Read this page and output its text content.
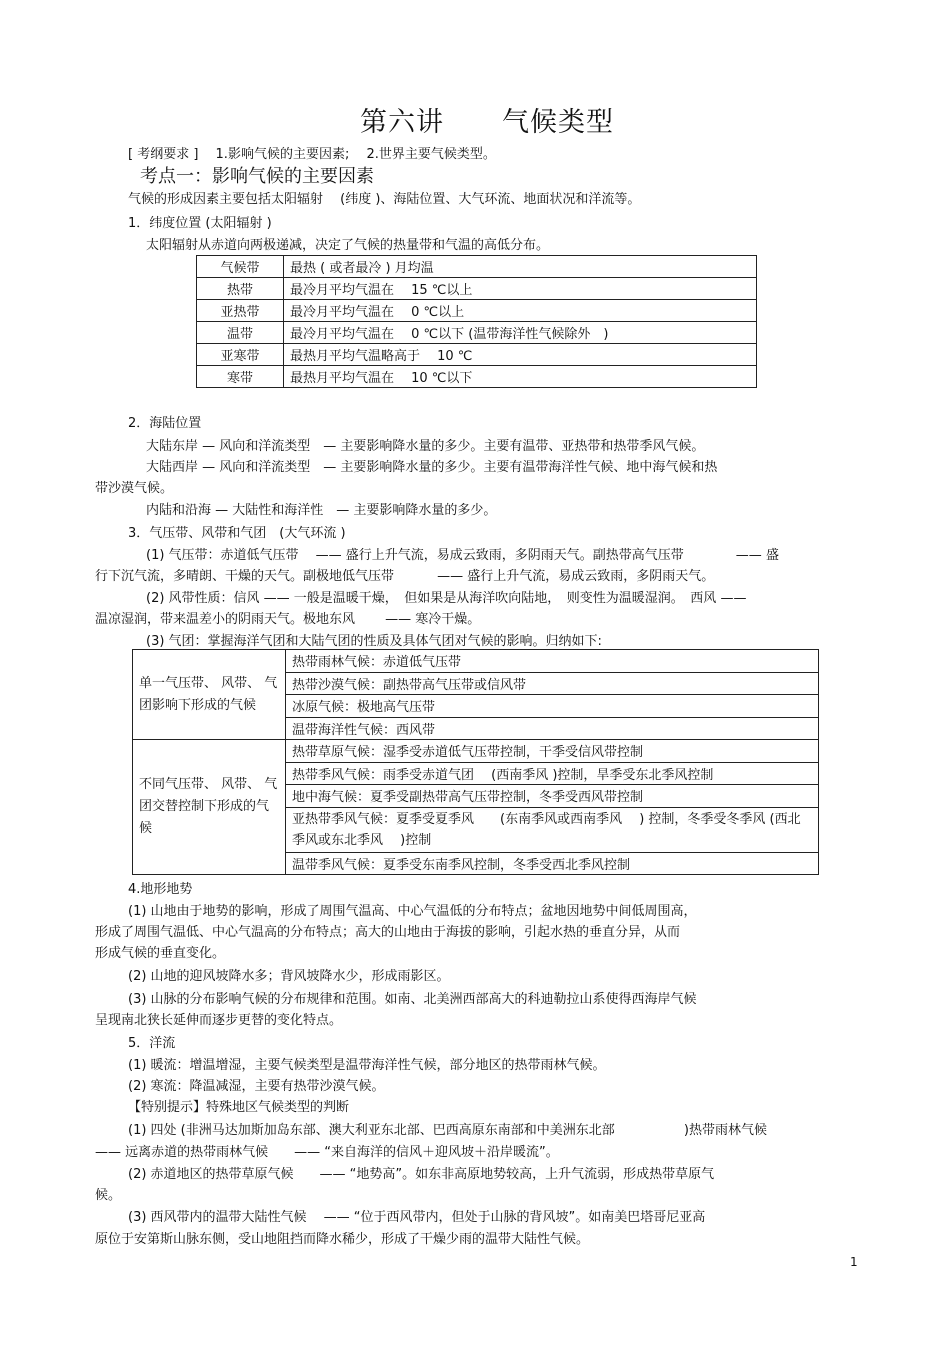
第六讲 气候类型
[ 考纲要求 ]　 1.影响气候的主要因素;　 2.世界主要气候类型。
考点一：影响气候的主要因素
气候的形成因素主要包括太阳辐射　 (纬度 )、海陆位置、大气环流、地面状况和洋流等。
1．纬度位置 (太阳辐射 )
太阳辐射从赤道向两极递减，决定了气候的热量带和气温的高低分布。
气候带	最热 ( 或者最冷 ) 月均温
热带	最冷月平均气温在　 15 ℃以上
亚热带	最冷月平均气温在　 0 ℃以上
温带	最冷月平均气温在　 0 ℃以下 (温带海洋性气候除外　)
亚寒带	最热月平均气温略高于　 10 ℃
寒带	最热月平均气温在　 10 ℃以下
2．海陆位置
大陆东岸 — 风向和洋流类型　— 主要影响降水量的多少。主要有温带、亚热带和热带季风气候。
大陆西岸 — 风向和洋流类型　— 主要影响降水量的多少。主要有温带海洋性气候、地中海气候和热
带沙漠气候。
内陆和沿海 — 大陆性和海洋性　— 主要影响降水量的多少。
3．气压带、风带和气团　(大气环流 )
(1) 气压带：赤道低气压带　 —— 盛行上升气流，易成云致雨，多阴雨天气。副热带高气压带　　　　—— 盛
行下沉气流，多晴朗、干燥的天气。副极地低气压带　　　 —— 盛行上升气流，易成云致雨，多阴雨天气。
(2) 风带性质：信风 —— 一般是温暖干燥，　但如果是从海洋吹向陆地，　则变性为温暖湿润。　西风 ——
温凉湿润，带来温差小的阴雨天气。极地东风　　 —— 寒冷干燥。
(3) 气团：掌握海洋气团和大陆气团的性质及具体气团对气候的影响。归纳如下:
单一气压带、 风带、 气团影响下形成的气候	热带雨林气候：赤道低气压带
	热带沙漠气候：副热带高气压带或信风带
	冰原气候：极地高气压带
	温带海洋性气候：西风带
不同气压带、 风带、 气团交替控制下形成的气候	热带草原气候：湿季受赤道低气压带控制，干季受信风带控制
	热带季风气候：雨季受赤道气团　 (西南季风 )控制，旱季受东北季风控制
	地中海气候：夏季受副热带高气压带控制，冬季受西风带控制
	亚热带季风气候：夏季受夏季风　　(东南季风或西南季风　 ) 控制，冬季受冬季风 (西北季风或东北季风　 )控制
	温带季风气候：夏季受东南季风控制，冬季受西北季风控制
4.地形地势
(1) 山地由于地势的影响，形成了周围气温高、中心气温低的分布特点；盆地因地势中间低周围高，
形成了周围气温低、中心气温高的分布特点；高大的山地由于海拔的影响，引起水热的垂直分异，从而
形成气候的垂直变化。
(2) 山地的迎风坡降水多；背风坡降水少，形成雨影区。
(3) 山脉的分布影响气候的分布规律和范围。如南、北美洲西部高大的科迪勒拉山系使得西海岸气候
呈现南北狭长延伸而逐步更替的变化特点。
5．洋流
(1) 暖流：增温增湿，主要气候类型是温带海洋性气候，部分地区的热带雨林气候。
(2) 寒流：降温减湿，主要有热带沙漠气候。
【特别提示】特殊地区气候类型的判断
(1) 四处 (非洲马达加斯加岛东部、澳大利亚东北部、巴西高原东南部和中美洲东北部　　　　　 )热带雨林气候
—— 远离赤道的热带雨林气候　　—— “来自海洋的信风＋迎风坡＋沿岸暖流”。
(2) 赤道地区的热带草原气候　　—— “地势高”。如东非高原地势较高，上升气流弱，形成热带草原气
候。
(3) 西风带内的温带大陆性气候　 —— “位于西风带内，但处于山脉的背风坡”。如南美巴塔哥尼亚高
原位于安第斯山脉东侧，受山地阻挡而降水稀少，形成了干燥少雨的温带大陆性气候。
1
